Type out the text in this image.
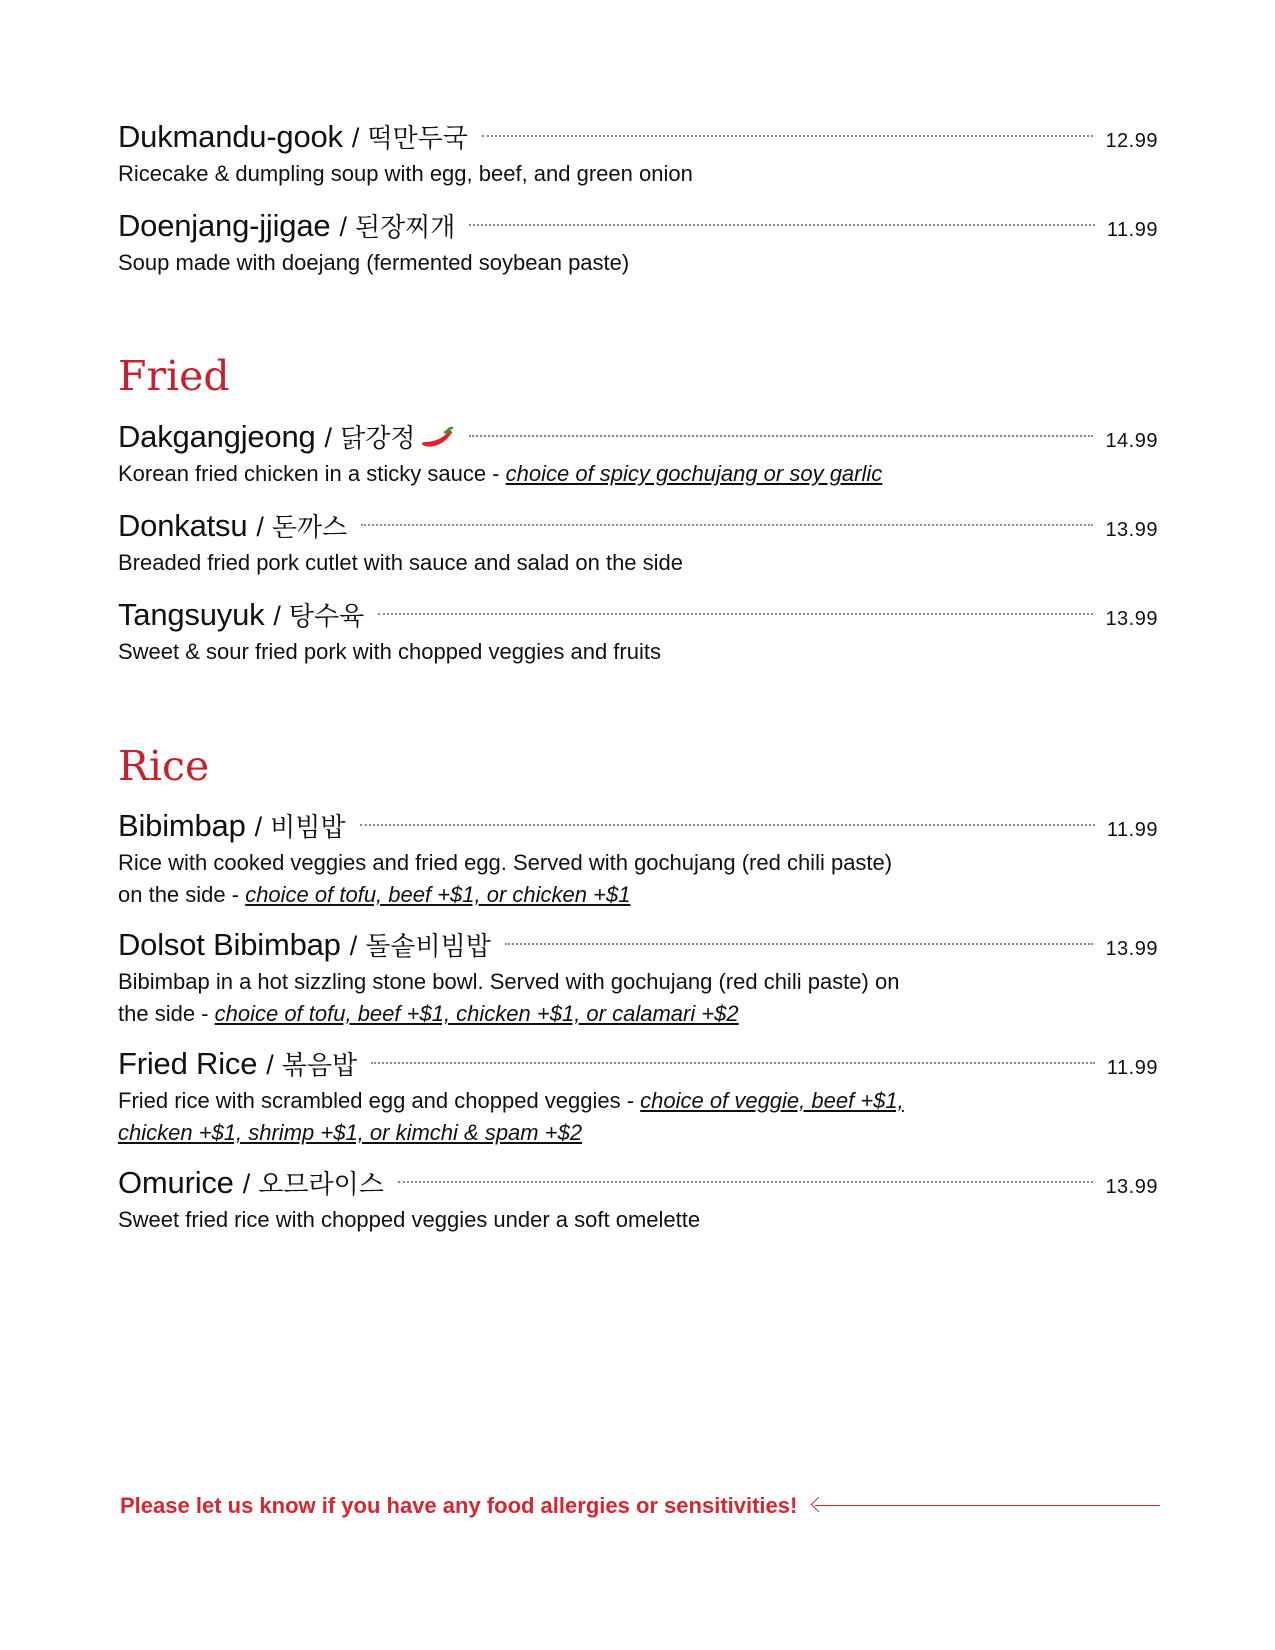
Dukmandu-gook / 떡만두국	12.99
Ricecake & dumpling soup with egg, beef, and green onion
Doenjang-jjigae / 된장찌개	11.99
Soup made with doejang (fermented soybean paste)
Fried
Dakgangjeong / 닭강정	14.99
Korean fried chicken in a sticky sauce - choice of spicy gochujang or soy garlic
Donkatsu / 돈까스	13.99
Breaded fried pork cutlet with sauce and salad on the side
Tangsuyuk / 탕수육	13.99
Sweet & sour fried pork with chopped veggies and fruits
Rice
Bibimbap / 비빔밥	11.99
Rice with cooked veggies and fried egg. Served with gochujang (red chili paste) on the side - choice of tofu, beef +$1, or chicken +$1
Dolsot Bibimbap / 돌솥비빔밥	13.99
Bibimbap in a hot sizzling stone bowl. Served with gochujang (red chili paste) on the side - choice of tofu, beef +$1, chicken +$1, or calamari +$2
Fried Rice / 볶음밥	11.99
Fried rice with scrambled egg and chopped veggies - choice of veggie, beef +$1, chicken +$1, shrimp +$1, or kimchi & spam +$2
Omurice / 오므라이스	13.99
Sweet fried rice with chopped veggies under a soft omelette
Please let us know if you have any food allergies or sensitivities!
